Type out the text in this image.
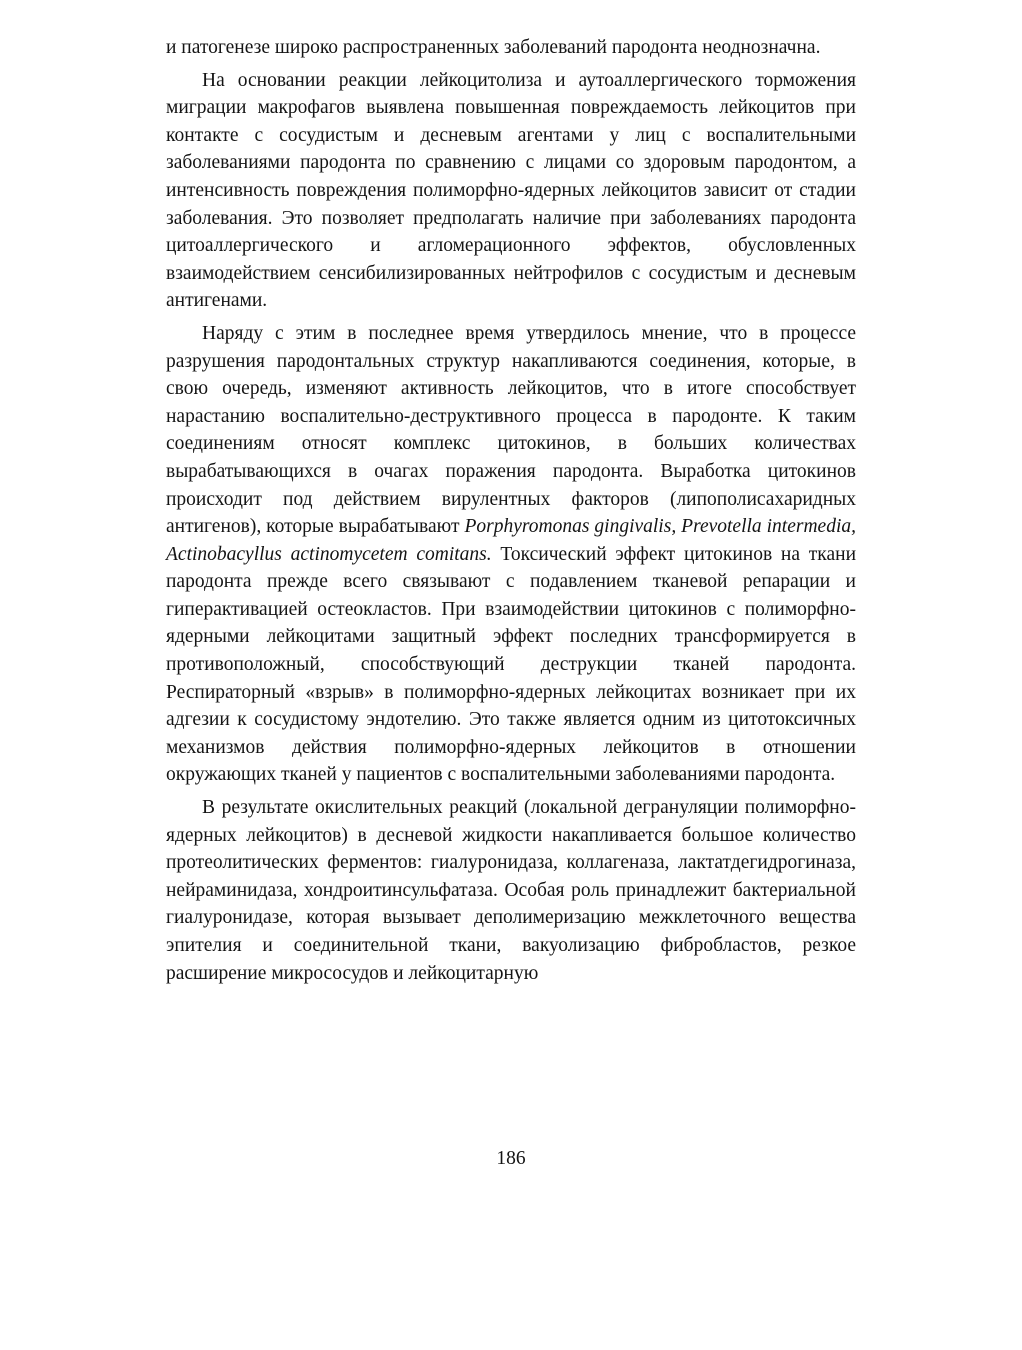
и патогенезе широко распространенных заболеваний пародонта неоднозначна.

На основании реакции лейкоцитолиза и аутоаллергического торможения миграции макрофагов выявлена повышенная повреждаемость лейкоцитов при контакте с сосудистым и десневым агентами у лиц с воспалительными заболеваниями пародонта по сравнению с лицами со здоровым пародонтом, а интенсивность повреждения полиморфно-ядерных лейкоцитов зависит от стадии заболевания. Это позволяет предполагать наличие при заболеваниях пародонта цитоаллергического и агломерационного эффектов, обусловленных взаимодействием сенсибилизированных нейтрофилов с сосудистым и десневым антигенами.

Наряду с этим в последнее время утвердилось мнение, что в процессе разрушения пародонтальных структур накапливаются соединения, которые, в свою очередь, изменяют активность лейкоцитов, что в итоге способствует нарастанию воспалительно-деструктивного процесса в пародонте. К таким соединениям относят комплекс цитокинов, в больших количествах вырабатывающихся в очагах поражения пародонта. Выработка цитокинов происходит под действием вирулентных факторов (липополисахаридных антигенов), которые вырабатывают Porphyromonas gingivalis, Prevotella intermedia, Actinobacyllus actinomycetem comitans. Токсический эффект цитокинов на ткани пародонта прежде всего связывают с подавлением тканевой репарации и гиперактивацией остеокластов. При взаимодействии цитокинов с полиморфно-ядерными лейкоцитами защитный эффект последних трансформируется в противоположный, способствующий деструкции тканей пародонта. Респираторный «взрыв» в полиморфно-ядерных лейкоцитах возникает при их адгезии к сосудистому эндотелию. Это также является одним из цитотоксичных механизмов действия полиморфно-ядерных лейкоцитов в отношении окружающих тканей у пациентов с воспалительными заболеваниями пародонта.

В результате окислительных реакций (локальной дегрануляции полиморфно-ядерных лейкоцитов) в десневой жидкости накапливается большое количество протеолитических ферментов: гиалуронидаза, коллагеназа, лактатдегидрогиназа, нейраминидаза, хондроитинсульфатаза. Особая роль принадлежит бактериальной гиалуронидазе, которая вызывает деполимеризацию межклеточного вещества эпителия и соединительной ткани, вакуолизацию фибробластов, резкое расширение микрососудов и лейкоцитарную

186
